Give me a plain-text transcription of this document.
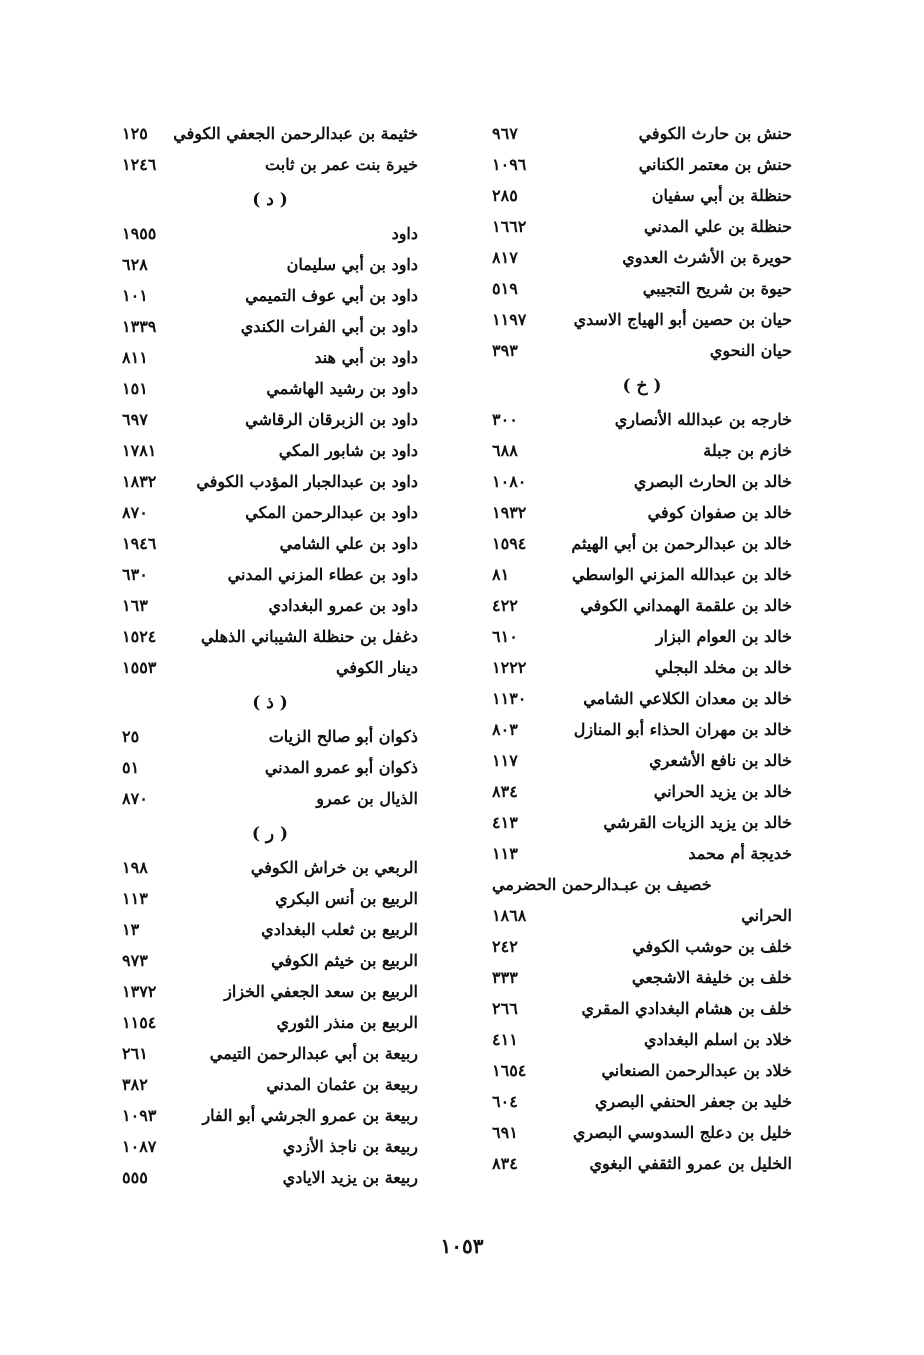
حنش بن حارث الكوفي
٩٦٧
حنش بن معتمر الكناني
١٠٩٦
حنظلة بن أبي سفيان
٢٨٥
حنظلة بن علي المدني
١٦٦٢
حويرة بن الأشرث العدوي
٨١٧
حيوة بن شريح التجيبي
٥١٩
حيان بن حصين أبو الهياج الاسدي
١١٩٧
حيان النحوي
٣٩٣
( خ )
خارجه بن عبدالله الأنصاري
٣٠٠
خازم بن جبلة
٦٨٨
خالد بن الحارث البصري
١٠٨٠
خالد بن صفوان كوفي
١٩٣٢
خالد بن عبدالرحمن بن أبي الهيثم
١٥٩٤
خالد بن عبدالله المزني الواسطي
٨١
خالد بن علقمة الهمداني الكوفي
٤٢٢
خالد بن العوام البزار
٦١٠
خالد بن مخلد البجلي
١٢٢٢
خالد بن معدان الكلاعي الشامي
١١٣٠
خالد بن مهران الحذاء أبو المنازل
٨٠٣
خالد بن نافع الأشعري
١١٧
خالد بن يزيد الحراني
٨٣٤
خالد بن يزيد الزيات القرشي
٤١٣
خديجة أم محمد
١١٣
خصيف بن عبـدالرحمن الحضرمي
الحراني
١٨٦٨
خلف بن حوشب الكوفي
٢٤٢
خلف بن خليفة الاشجعي
٣٣٣
خلف بن هشام البغدادي المقري
٢٦٦
خلاد بن اسلم البغدادي
٤١١
خلاد بن عبدالرحمن الصنعاني
١٦٥٤
خليد بن جعفر الحنفي البصري
٦٠٤
خليل بن دعلج السدوسي البصري
٦٩١
الخليل بن عمرو الثقفي البغوي
٨٣٤
خثيمة بن عبدالرحمن الجعفي الكوفي
١٢٥
خيرة بنت عمر بن ثابت
١٢٤٦
( د )
داود
١٩٥٥
داود بن أبي سليمان
٦٢٨
داود بن أبي عوف التميمي
١٠١
داود بن أبي الفرات الكندي
١٣٣٩
داود بن أبي هند
٨١١
داود بن رشيد الهاشمي
١٥١
داود بن الزبرقان الرقاشي
٦٩٧
داود بن شابور المكي
١٧٨١
داود بن عبدالجبار المؤدب الكوفي
١٨٣٢
داود بن عبدالرحمن المكي
٨٧٠
داود بن علي الشامي
١٩٤٦
داود بن عطاء المزني المدني
٦٣٠
داود بن عمرو البغدادي
١٦٣
دغفل بن حنظلة الشيباني الذهلي
١٥٢٤
دينار الكوفي
١٥٥٣
( ذ )
ذكوان أبو صالح الزيات
٢٥
ذكوان أبو عمرو المدني
٥١
الذيال بن عمرو
٨٧٠
( ر )
الربعي بن خراش الكوفي
١٩٨
الربيع بن أنس البكري
١١٣
الربيع بن ثعلب البغدادي
١٣
الربيع بن خيثم الكوفي
٩٧٣
الربيع بن سعد الجعفي الخزاز
١٣٧٢
الربيع بن منذر الثوري
١١٥٤
ربيعة بن أبي عبدالرحمن التيمي
٢٦١
ربيعة بن عثمان المدني
٣٨٢
ربيعة بن عمرو الجرشي أبو الفار
١٠٩٣
ربيعة بن ناجذ الأزدي
١٠٨٧
ربيعة بن يزيد الايادي
٥٥٥
١٠٥٣
